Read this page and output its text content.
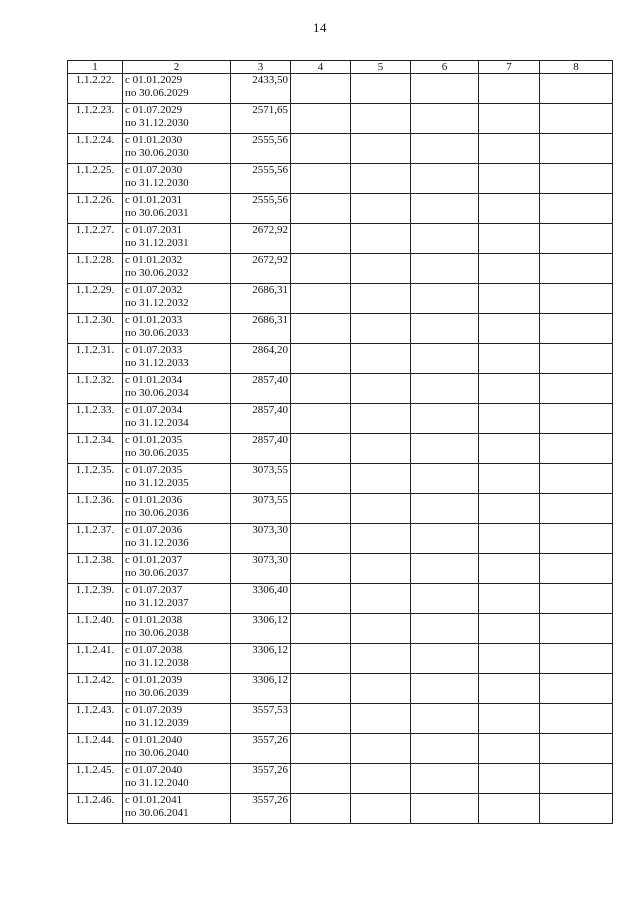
14
1	2	3	4	5	6	7	8
1.1.2.22.	с 01.01.2029
по 30.06.2029	2433,50					
1.1.2.23.	с 01.07.2029
по 31.12.2030	2571,65					
1.1.2.24.	с 01.01.2030
по 30.06.2030	2555,56					
1.1.2.25.	с 01.07.2030
по 31.12.2030	2555,56					
1.1.2.26.	с 01.01.2031
по 30.06.2031	2555,56					
1.1.2.27.	с 01.07.2031
по 31.12.2031	2672,92					
1.1.2.28.	с 01.01.2032
по 30.06.2032	2672,92					
1.1.2.29.	с 01.07.2032
по 31.12.2032	2686,31					
1.1.2.30.	с 01.01.2033
по 30.06.2033	2686,31					
1.1.2.31.	с 01.07.2033
по 31.12.2033	2864,20					
1.1.2.32.	с 01.01.2034
по 30.06.2034	2857,40					
1.1.2.33.	с 01.07.2034
по 31.12.2034	2857,40					
1.1.2.34.	с 01.01.2035
по 30.06.2035	2857,40					
1.1.2.35.	с 01.07.2035
по 31.12.2035	3073,55					
1.1.2.36.	с 01.01.2036
по 30.06.2036	3073,55					
1.1.2.37.	с 01.07.2036
по 31.12.2036	3073,30					
1.1.2.38.	с 01.01.2037
по 30.06.2037	3073,30					
1.1.2.39.	с 01.07.2037
по 31.12.2037	3306,40					
1.1.2.40.	с 01.01.2038
по 30.06.2038	3306,12					
1.1.2.41.	с 01.07.2038
по 31.12.2038	3306,12					
1.1.2.42.	с 01.01.2039
по 30.06.2039	3306,12					
1.1.2.43.	с 01.07.2039
по 31.12.2039	3557,53					
1.1.2.44.	с 01.01.2040
по 30.06.2040	3557,26					
1.1.2.45.	с 01.07.2040
по 31.12.2040	3557,26					
1.1.2.46.	с 01.01.2041
по 30.06.2041	3557,26					
